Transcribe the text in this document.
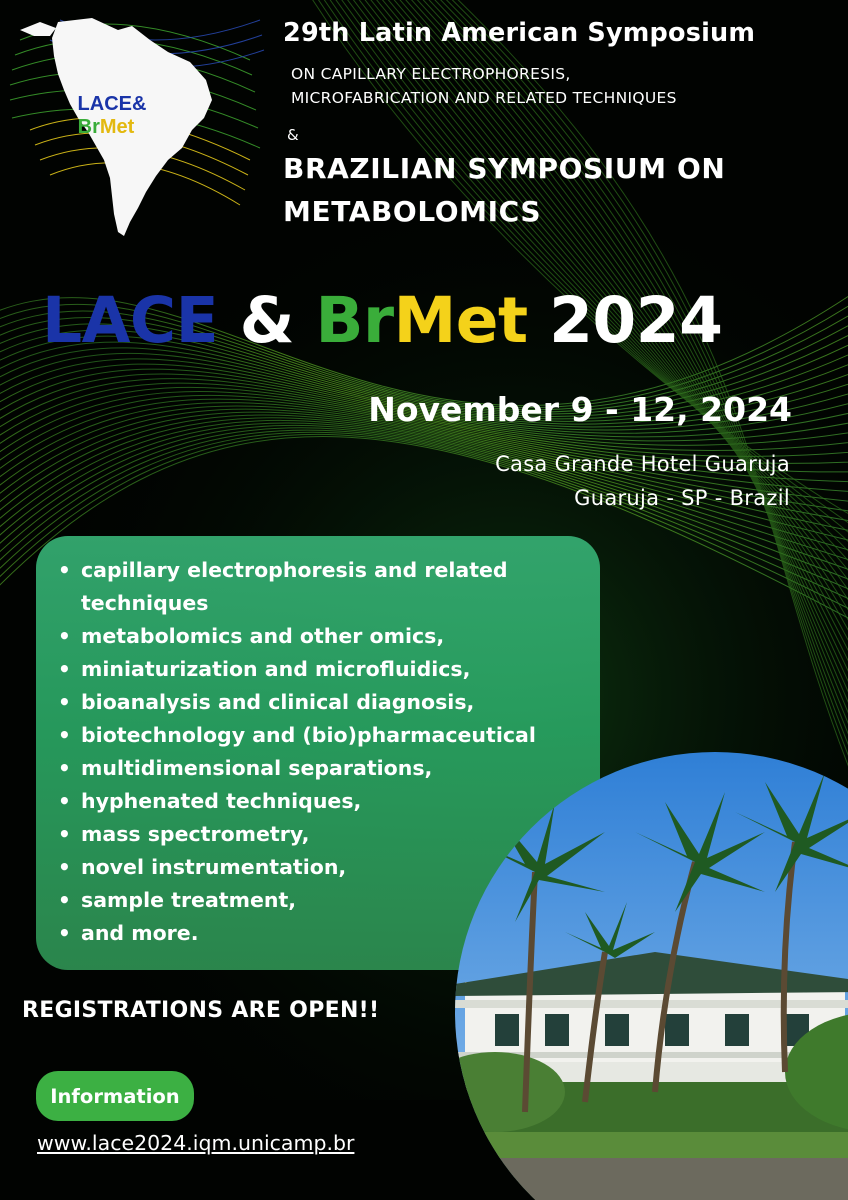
LACE&
BrMet
29th Latin American Symposium
ON CAPILLARY ELECTROPHORESIS,
MICROFABRICATION AND RELATED TECHNIQUES
&
BRAZILIAN SYMPOSIUM ON
METABOLOMICS
LACE & BrMet 2024
November 9 - 12, 2024
Casa Grande Hotel Guaruja
Guaruja - SP - Brazil
• capillary electrophoresis and related
techniques
• metabolomics and other omics,
• miniaturization and microfluidics,
• bioanalysis and clinical diagnosis,
• biotechnology and (bio)pharmaceutical
• multidimensional separations,
• hyphenated techniques,
• mass spectrometry,
• novel instrumentation,
• sample treatment,
• and more.
REGISTRATIONS ARE OPEN!!
Information
www.lace2024.iqm.unicamp.br
